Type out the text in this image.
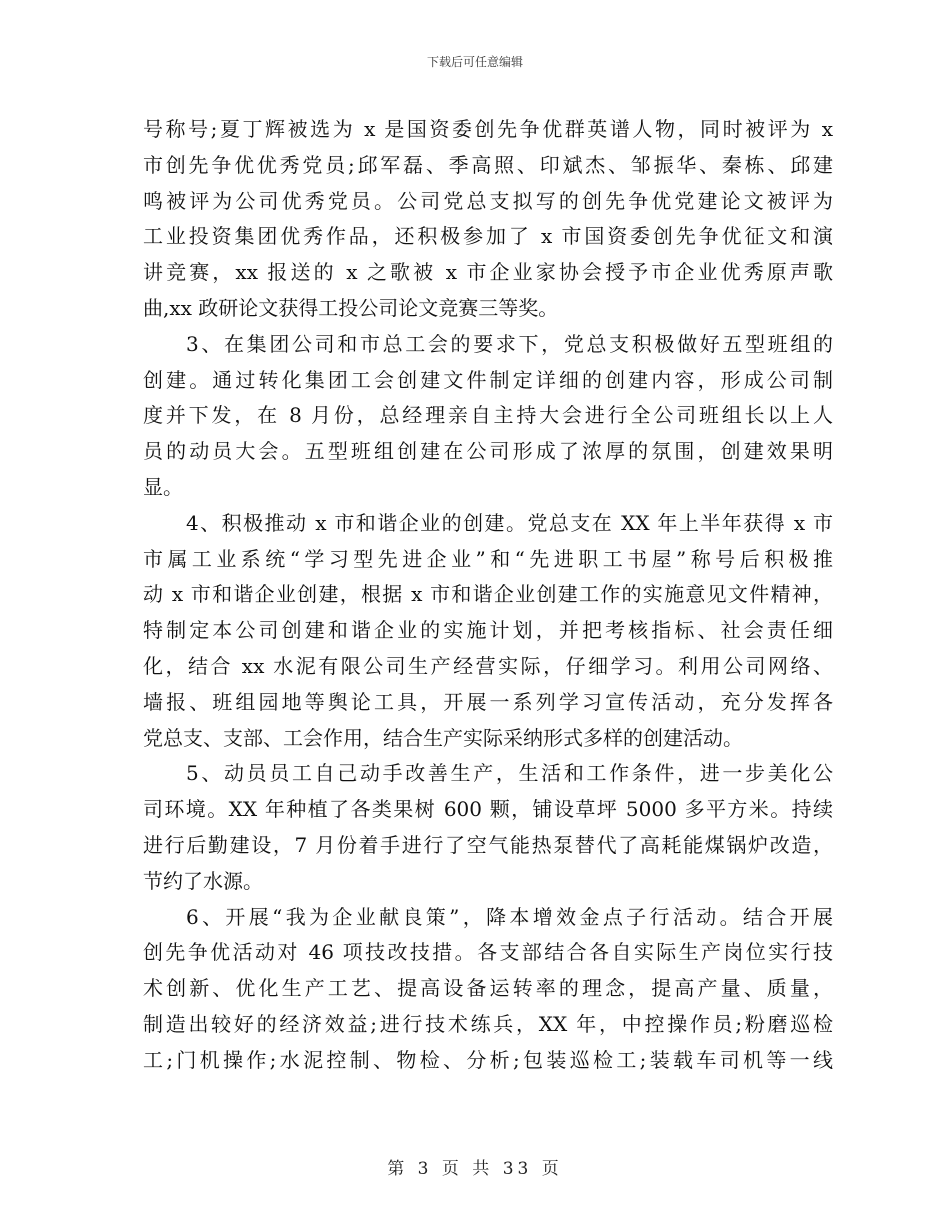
下载后可任意编辑
号称号;夏丁辉被选为 x 是国资委创先争优群英谱人物，同时被评为 x
市创先争优优秀党员;邱军磊、季高照、印斌杰、邹振华、秦栋、邱建
鸣被评为公司优秀党员。公司党总支拟写的创先争优党建论文被评为
工业投资集团优秀作品，还积极参加了 x 市国资委创先争优征文和演
讲竞赛，xx 报送的 x 之歌被 x 市企业家协会授予市企业优秀原声歌
曲,xx 政研论文获得工投公司论文竞赛三等奖。
3、在集团公司和市总工会的要求下，党总支积极做好五型班组的
创建。通过转化集团工会创建文件制定详细的创建内容，形成公司制
度并下发，在 8 月份，总经理亲自主持大会进行全公司班组长以上人
员的动员大会。五型班组创建在公司形成了浓厚的氛围，创建效果明
显。
4、积极推动 x 市和谐企业的创建。党总支在 XX 年上半年获得 x 市
市属工业系统“学习型先进企业”和“先进职工书屋”称号后积极推
动 x 市和谐企业创建，根据 x 市和谐企业创建工作的实施意见文件精神，
特制定本公司创建和谐企业的实施计划，并把考核指标、社会责任细
化，结合 xx 水泥有限公司生产经营实际，仔细学习。利用公司网络、
墙报、班组园地等舆论工具，开展一系列学习宣传活动，充分发挥各
党总支、支部、工会作用，结合生产实际采纳形式多样的创建活动。
5、动员员工自己动手改善生产，生活和工作条件，进一步美化公
司环境。XX 年种植了各类果树 600 颗，铺设草坪 5000 多平方米。持续
进行后勤建设，7 月份着手进行了空气能热泵替代了高耗能煤锅炉改造，
节约了水源。
6、开展“我为企业献良策”，降本增效金点子行活动。结合开展
创先争优活动对 46 项技改技措。各支部结合各自实际生产岗位实行技
术创新、优化生产工艺、提高设备运转率的理念，提高产量、质量，
制造出较好的经济效益;进行技术练兵，XX 年，中控操作员;粉磨巡检
工;门机操作;水泥控制、物检、分析;包装巡检工;装载车司机等一线
第 3 页 共 33 页
